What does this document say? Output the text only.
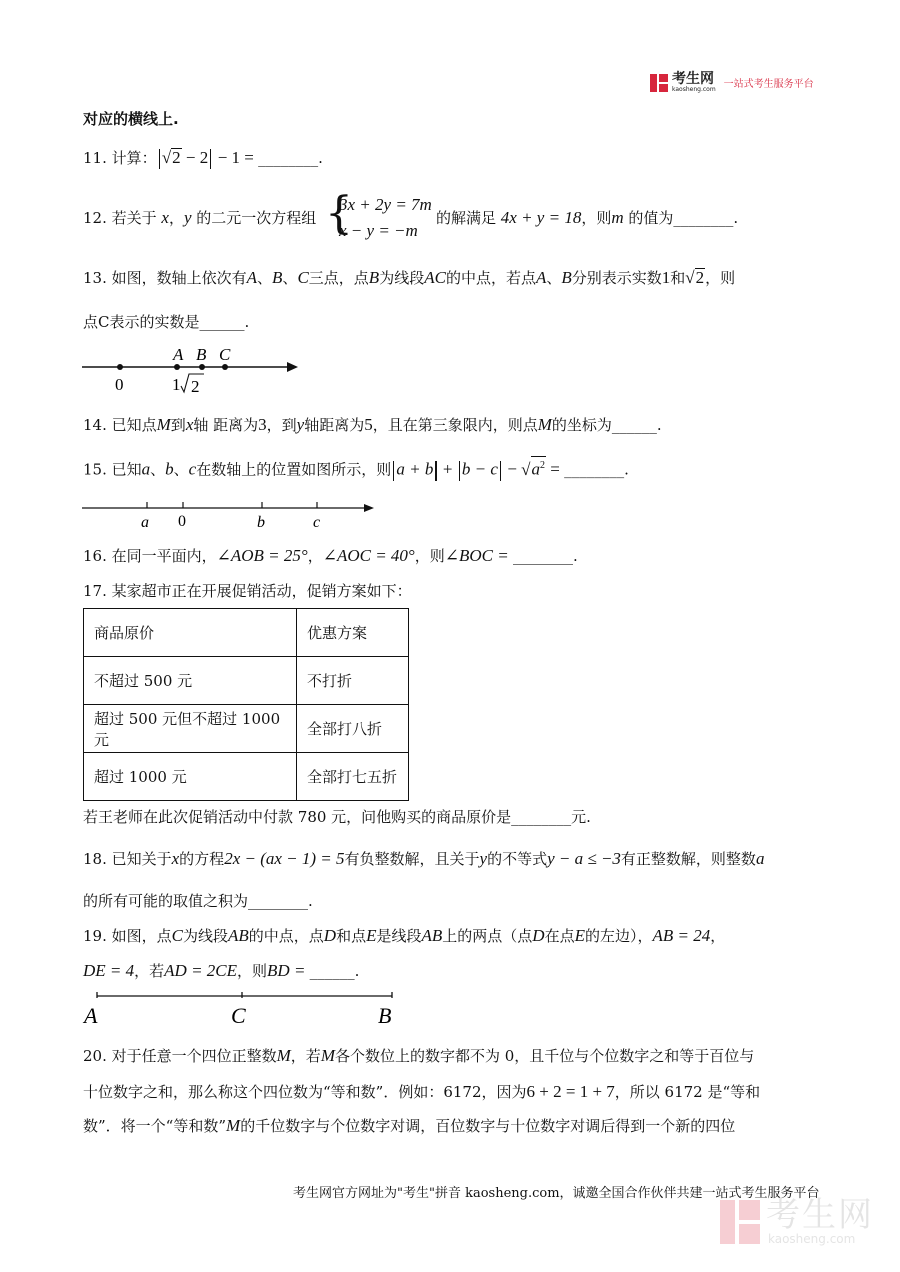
考生网
kaosheng.com 一站式考生服务平台
对应的横线上.
11. 计算： √2 − 2 − 1 = ________.
12. 若关于 x，y 的二元一次方程组 {
3x + 2y = 7m
x − y = −m
的解满足 4x + y = 18，则m 的值为________.
13. 如图，数轴上依次有A、B、C三点，点B为线段AC的中点，若点A、B分别表示实数1和√2，则
点C表示的实数是______.
A B C
0	1 2
14. 已知点M到x轴 距离为3，到y轴距离为5，且在第三象限内，则点M的坐标为______.
15. 已知a、b、c在数轴上的位置如图所示，则 $a + b + b - c - √a^2$ = ________.
a 0	b	c
16. 在同一平面内，∠AOB = 25°，∠AOC = 40°，则∠BOC = ________.
17. 某家超市正在开展促销活动，促销方案如下：
商品原价	优惠方案
不超过 500 元	不打折
超过 500 元但不超过 1000 元	全部打八折
超过 1000 元	全部打七五折
若王老师在此次促销活动中付款 780 元，问他购买的商品原价是________元.
18. 已知关于x的方程2x − (ax − 1) = 5有负整数解，且关于y的不等式y − a ≤ −3有正整数解，则整数a
的所有可能的取值之积为________.
19. 如图，点C为线段AB的中点，点D和点E是线段AB上的两点（点D在点E的左边），AB = 24，
DE = 4，若AD = 2CE，则BD = ______.
A	C	B
20. 对于任意一个四位正整数M，若M各个数位上的数字都不为 0，且千位与个位数字之和等于百位与
十位数字之和，那么称这个四位数为“等和数”．例如：6172，因为6 + 2 = 1 + 7，所以 6172 是“等和
数”．将一个“等和数”M的千位数字与个位数字对调，百位数字与十位数字对调后得到一个新的四位
考生网官方网址为"考生"拼音 kaosheng.com，诚邀全国合作伙伴共建一站式考生服务平台
考生网
kaosheng.com
